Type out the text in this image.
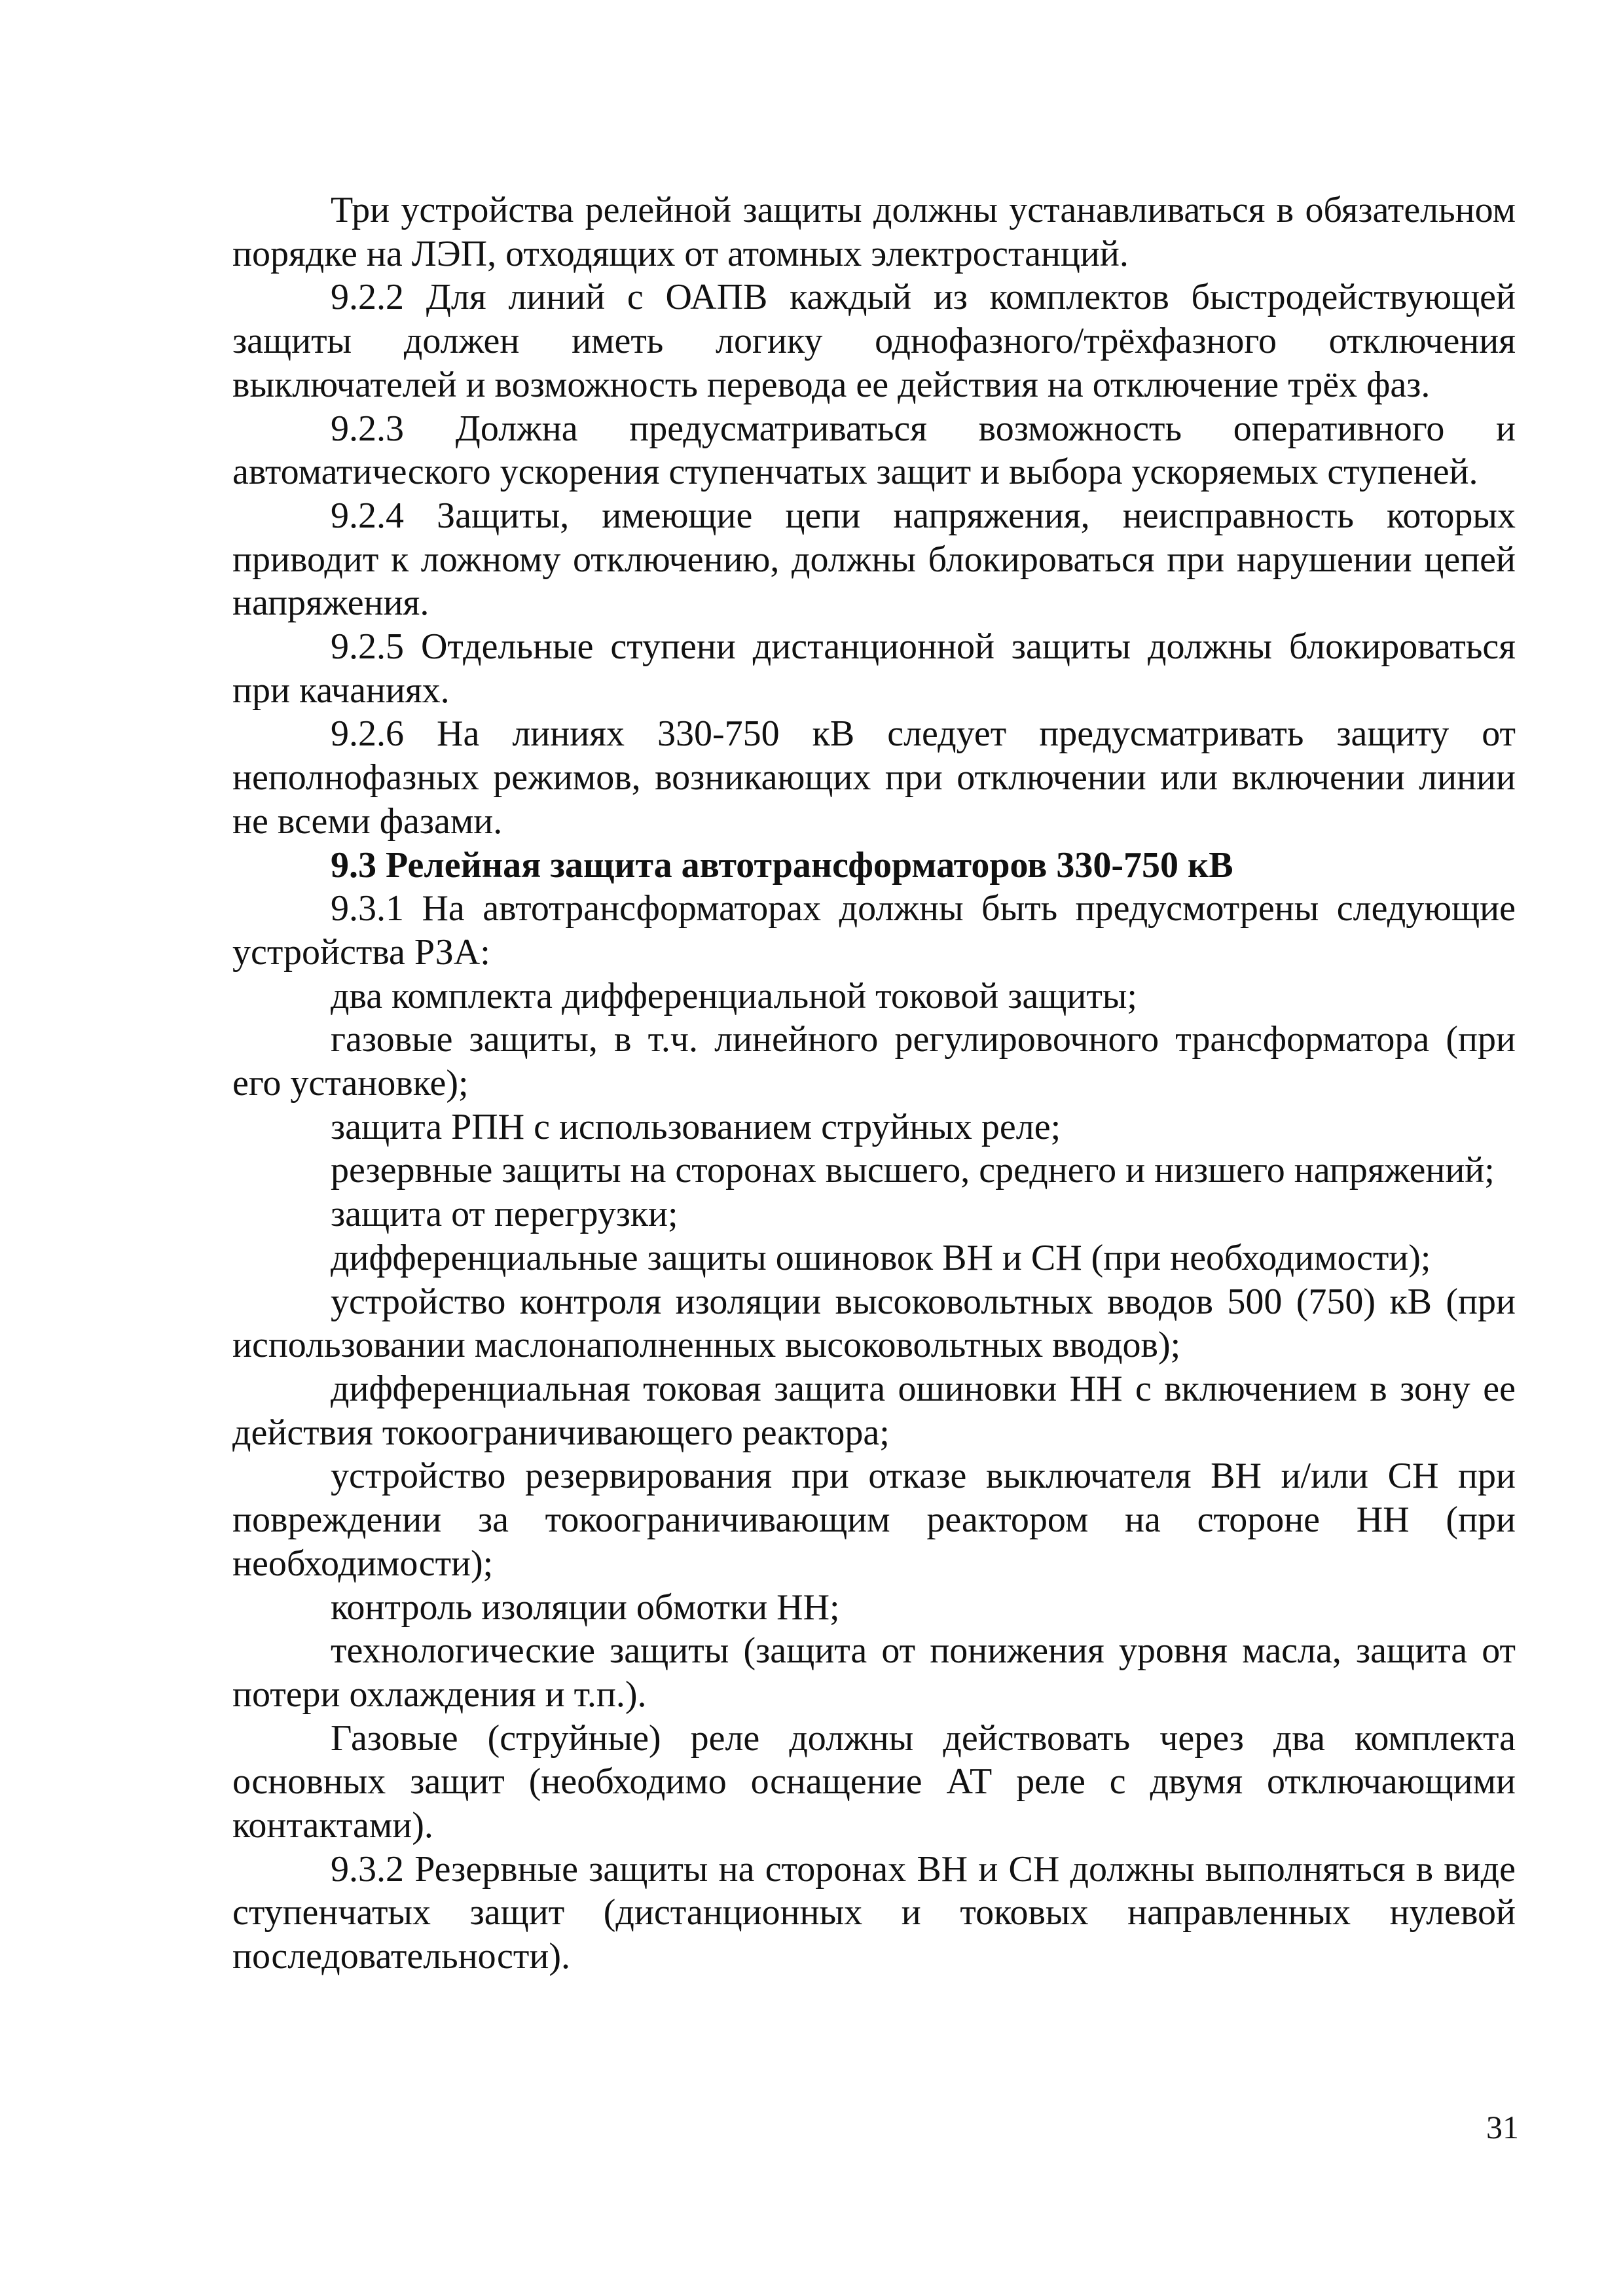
Три устройства релейной защиты должны устанавливаться в обязательном порядке на ЛЭП, отходящих от атомных электростанций.

9.2.2 Для линий с ОАПВ каждый из комплектов быстродействующей защиты должен иметь логику однофазного/трёхфазного отключения выключателей и возможность перевода ее действия на отключение трёх фаз.

9.2.3 Должна предусматриваться возможность оперативного и автоматического ускорения ступенчатых защит и выбора ускоряемых ступеней.

9.2.4 Защиты, имеющие цепи напряжения, неисправность которых приводит к ложному отключению, должны блокироваться при нарушении цепей напряжения.

9.2.5 Отдельные ступени дистанционной защиты должны блокироваться при качаниях.

9.2.6 На линиях 330-750 кВ следует предусматривать защиту от неполнофазных режимов, возникающих при отключении или включении линии не всеми фазами.

9.3 Релейная защита автотрансформаторов 330-750 кВ

9.3.1 На автотрансформаторах должны быть предусмотрены следующие устройства РЗА:

два комплекта дифференциальной токовой защиты;

газовые защиты, в т.ч. линейного регулировочного трансформатора (при его установке);

защита РПН с использованием струйных реле;

резервные защиты на сторонах высшего, среднего и низшего напряжений;

защита от перегрузки;

дифференциальные защиты ошиновок ВН и СН (при необходимости);

устройство контроля изоляции высоковольтных вводов 500 (750) кВ (при использовании маслонаполненных высоковольтных вводов);

дифференциальная токовая защита ошиновки НН с включением в зону ее действия токоограничивающего реактора;

устройство резервирования при отказе выключателя ВН и/или СН при повреждении за токоограничивающим реактором на стороне НН (при необходимости);

контроль изоляции обмотки НН;

технологические защиты (защита от понижения уровня масла, защита от потери охлаждения и т.п.).

Газовые (струйные) реле должны действовать через два комплекта основных защит (необходимо оснащение АТ реле с двумя отключающими контактами).

9.3.2 Резервные защиты на сторонах ВН и СН должны выполняться в виде ступенчатых защит (дистанционных и токовых направленных нулевой последовательности).

31
